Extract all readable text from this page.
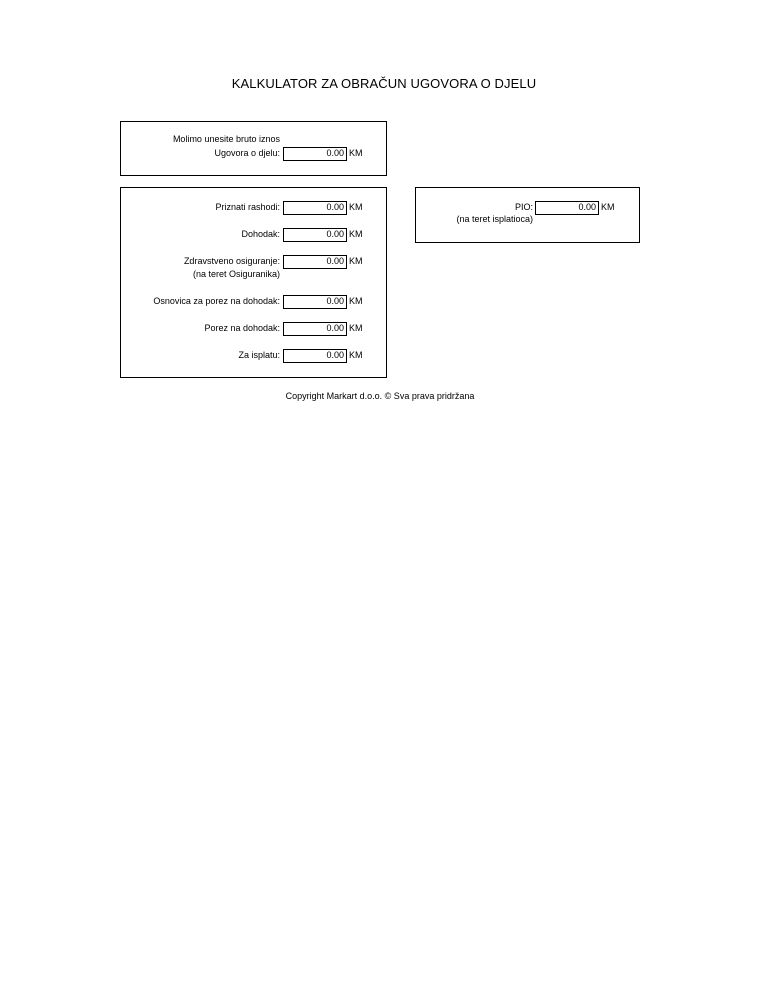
KALKULATOR ZA OBRAČUN UGOVORA O DJELU
Molimo unesite bruto iznos
Ugovora o djelu:	0.00 KM
Priznati rashodi:	0.00 KM
Dohodak:	0.00 KM
Zdravstveno osiguranje:
(na teret Osiguranika)
0.00 KM
Osnovica za porez na dohodak:	0.00 KM
Porez na dohodak:	0.00 KM
Za isplatu:	0.00 KM
PIO:
(na teret isplatioca)
0.00 KM
Copyright Markart d.o.o. © Sva prava pridržana
